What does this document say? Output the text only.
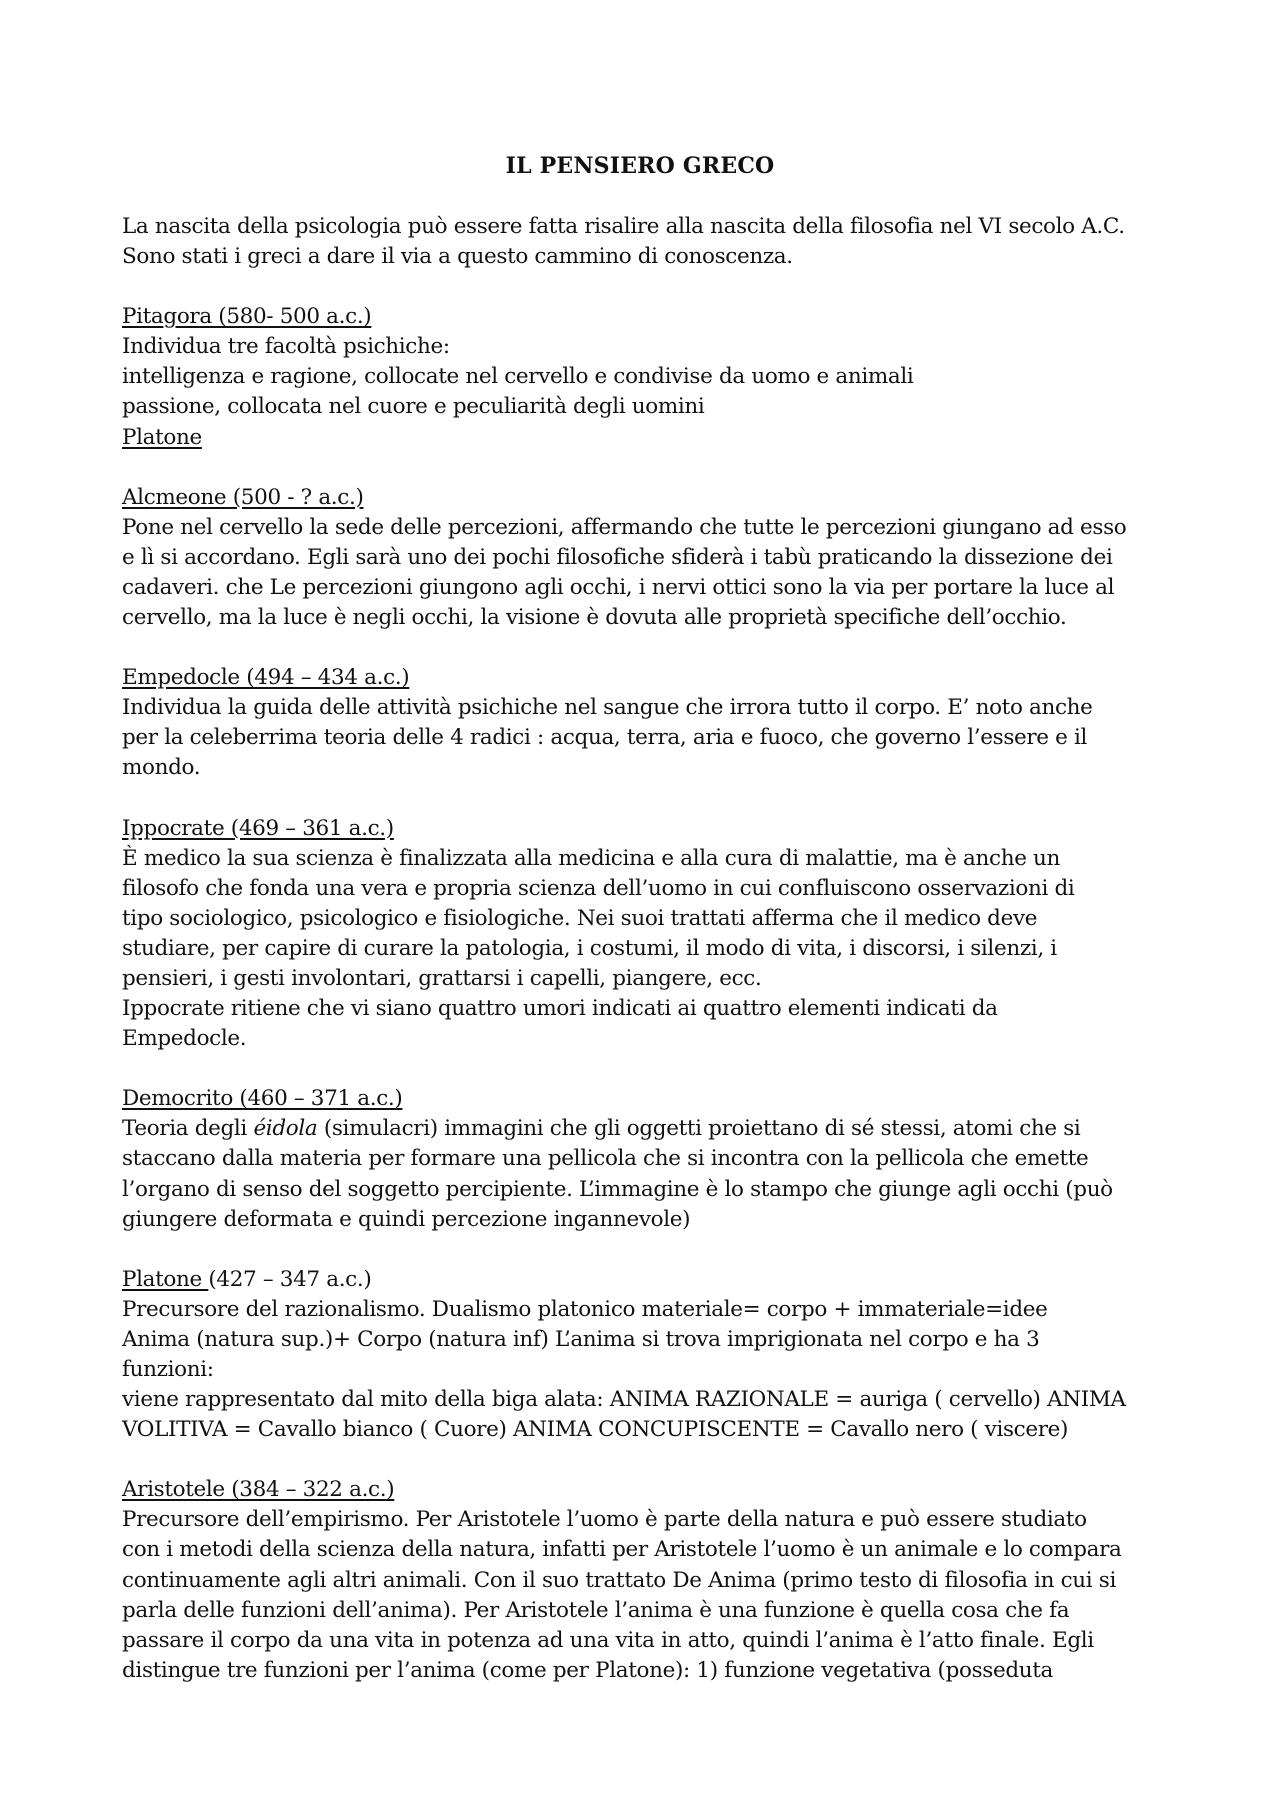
IL PENSIERO GRECO

La nascita della psicologia può essere fatta risalire alla nascita della filosofia nel VI secolo A.C.

Sono stati i greci a dare il via a questo cammino di conoscenza.

Pitagora (580- 500 a.c.)

Individua tre facoltà psichiche:

intelligenza e ragione, collocate nel cervello e condivise da uomo e animali

passione, collocata nel cuore e peculiarità degli uomini

Platone

Alcmeone (500 - ? a.c.)

Pone nel cervello la sede delle percezioni, affermando che tutte le percezioni giungano ad esso

e lì si accordano. Egli sarà uno dei pochi filosofiche sfiderà i tabù praticando la dissezione dei

cadaveri. che Le percezioni giungono agli occhi, i nervi ottici sono la via per portare la luce al

cervello, ma la luce è negli occhi, la visione è dovuta alle proprietà specifiche dell’occhio.

Empedocle (494 – 434 a.c.)

Individua la guida delle attività psichiche nel sangue che irrora tutto il corpo. E’ noto anche

per la celeberrima teoria delle 4 radici : acqua, terra, aria e fuoco, che governo l’essere e il

mondo.

Ippocrate (469 – 361 a.c.)

È medico la sua scienza è finalizzata alla medicina e alla cura di malattie, ma è anche un

filosofo che fonda una vera e propria scienza dell’uomo in cui confluiscono osservazioni di

tipo sociologico, psicologico e fisiologiche. Nei suoi trattati afferma che il medico deve

studiare, per capire di curare la patologia, i costumi, il modo di vita, i discorsi, i silenzi, i

pensieri, i gesti involontari, grattarsi i capelli, piangere, ecc.

Ippocrate ritiene che vi siano quattro umori indicati ai quattro elementi indicati da

Empedocle.

Democrito (460 – 371 a.c.)

Teoria degli éidola (simulacri) immagini che gli oggetti proiettano di sé stessi, atomi che si

staccano dalla materia per formare una pellicola che si incontra con la pellicola che emette

l’organo di senso del soggetto percipiente. L’immagine è lo stampo che giunge agli occhi (può

giungere deformata e quindi percezione ingannevole)

Platone (427 – 347 a.c.)

Precursore del razionalismo. Dualismo platonico materiale= corpo + immateriale=idee

Anima (natura sup.)+ Corpo (natura inf) L’anima si trova imprigionata nel corpo e ha 3

funzioni:

viene rappresentato dal mito della biga alata: ANIMA RAZIONALE = auriga ( cervello) ANIMA

VOLITIVA = Cavallo bianco ( Cuore) ANIMA CONCUPISCENTE = Cavallo nero ( viscere)

Aristotele (384 – 322 a.c.)

Precursore dell’empirismo. Per Aristotele l’uomo è parte della natura e può essere studiato

con i metodi della scienza della natura, infatti per Aristotele l’uomo è un animale e lo compara

continuamente agli altri animali. Con il suo trattato De Anima (primo testo di filosofia in cui si

parla delle funzioni dell’anima). Per Aristotele l’anima è una funzione è quella cosa che fa

passare il corpo da una vita in potenza ad una vita in atto, quindi l’anima è l’atto finale. Egli

distingue tre funzioni per l’anima (come per Platone): 1) funzione vegetativa (posseduta
